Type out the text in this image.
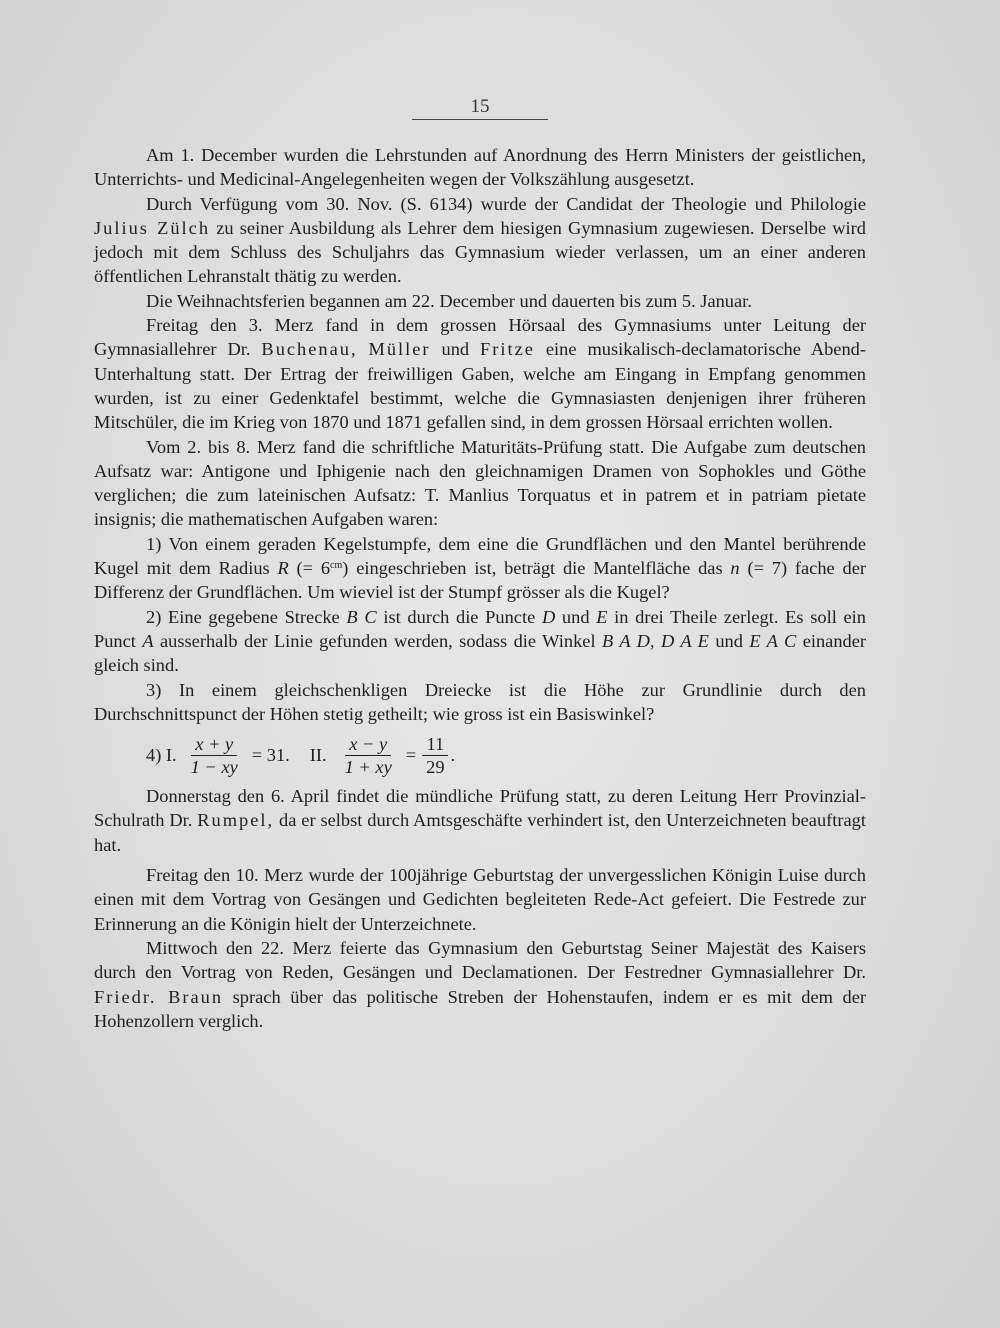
15

Am 1. December wurden die Lehrstunden auf Anordnung des Herrn Ministers der geistlichen, Unterrichts- und Medicinal-Angelegenheiten wegen der Volkszählung ausgesetzt.

Durch Verfügung vom 30. Nov. (S. 6134) wurde der Candidat der Theologie und Philologie Julius Zülch zu seiner Ausbildung als Lehrer dem hiesigen Gymnasium zugewiesen. Derselbe wird jedoch mit dem Schluss des Schuljahrs das Gymnasium wieder verlassen, um an einer anderen öffentlichen Lehranstalt thätig zu werden.

Die Weihnachtsferien begannen am 22. December und dauerten bis zum 5. Januar.

Freitag den 3. Merz fand in dem grossen Hörsaal des Gymnasiums unter Leitung der Gymnasiallehrer Dr. Buchenau, Müller und Fritze eine musikalisch-declamatorische Abend-Unterhaltung statt. Der Ertrag der freiwilligen Gaben, welche am Eingang in Empfang genommen wurden, ist zu einer Gedenktafel bestimmt, welche die Gymnasiasten denjenigen ihrer früheren Mitschüler, die im Krieg von 1870 und 1871 gefallen sind, in dem grossen Hörsaal errichten wollen.

Vom 2. bis 8. Merz fand die schriftliche Maturitäts-Prüfung statt. Die Aufgabe zum deutschen Aufsatz war: Antigone und Iphigenie nach den gleichnamigen Dramen von Sophokles und Göthe verglichen; die zum lateinischen Aufsatz: T. Manlius Torquatus et in patrem et in patriam pietate insignis; die mathematischen Aufgaben waren:

1) Von einem geraden Kegelstumpfe, dem eine die Grundflächen und den Mantel berührende Kugel mit dem Radius R (= $6^{cm}$) eingeschrieben ist, beträgt die Mantelfläche das n (= 7) fache der Differenz der Grundflächen. Um wieviel ist der Stumpf grösser als die Kugel?

2) Eine gegebene Strecke B C ist durch die Puncte D und E in drei Theile zerlegt. Es soll ein Punct A ausserhalb der Linie gefunden werden, sodass die Winkel B A D, D A E und E A C einander gleich sind.

3) In einem gleichschenkligen Dreiecke ist die Höhe zur Grundlinie durch den Durchschnittspunct der Höhen stetig getheilt; wie gross ist ein Basiswinkel?

4) I. $\frac{x + y}{1 - xy} = 31$. II. $\frac{x - y}{1 + xy} = \frac{11}{29}$ .

Donnerstag den 6. April findet die mündliche Prüfung statt, zu deren Leitung Herr Provinzial-Schulrath Dr. Rumpel, da er selbst durch Amtsgeschäfte verhindert ist, den Unterzeichneten beauftragt hat.

Freitag den 10. Merz wurde der 100jährige Geburtstag der unvergesslichen Königin Luise durch einen mit dem Vortrag von Gesängen und Gedichten begleiteten Rede-Act gefeiert. Die Festrede zur Erinnerung an die Königin hielt der Unterzeichnete.

Mittwoch den 22. Merz feierte das Gymnasium den Geburtstag Seiner Majestät des Kaisers durch den Vortrag von Reden, Gesängen und Declamationen. Der Festredner Gymnasiallehrer Dr. Friedr. Braun sprach über das politische Streben der Hohenstaufen, indem er es mit dem der Hohenzollern verglich.
